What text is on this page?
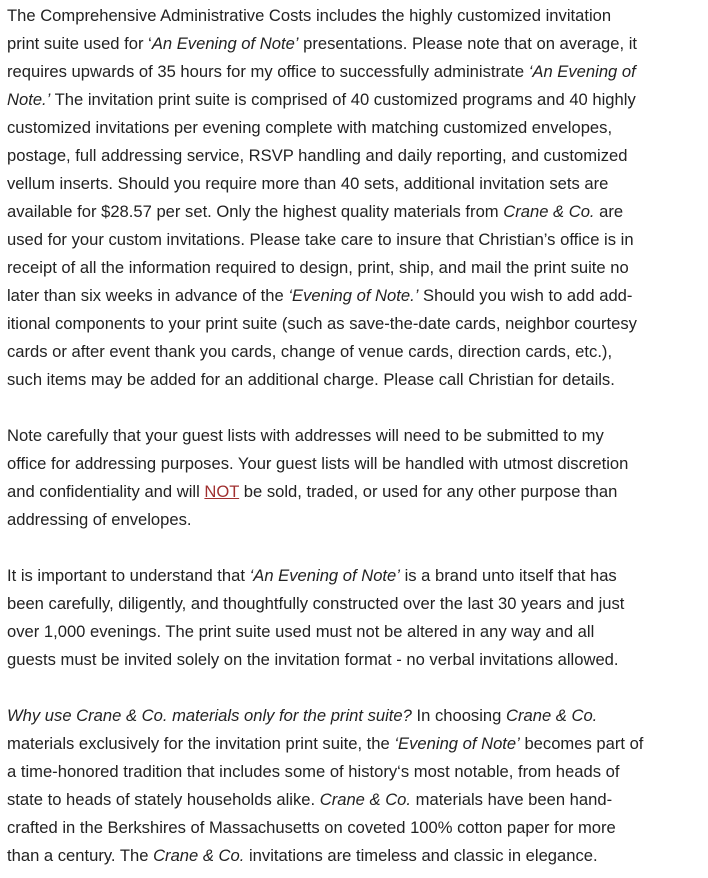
The Comprehensive Administrative Costs includes the highly customized invitation
print suite used for ‘An Evening of Note’ presentations. Please note that on average, it
requires upwards of 35 hours for my office to successfully administrate ‘An Evening of
Note.’ The invitation print suite is comprised of 40 customized programs and 40 highly
customized invitations per evening complete with matching customized envelopes,
postage, full addressing service, RSVP handling and daily reporting, and customized
vellum inserts. Should you require more than 40 sets, additional invitation sets are
available for $28.57 per set. Only the highest quality materials from Crane & Co. are
used for your custom invitations. Please take care to insure that Christian’s office is in
receipt of all the information required to design, print, ship, and mail the print suite no
later than six weeks in advance of the ‘Evening of Note.’ Should you wish to add add-
itional components to your print suite (such as save-the-date cards, neighbor courtesy
cards or after event thank you cards, change of venue cards, direction cards, etc.),
such items may be added for an additional charge. Please call Christian for details.

Note carefully that your guest lists with addresses will need to be submitted to my
office for addressing purposes. Your guest lists will be handled with utmost discretion
and confidentiality and will NOT be sold, traded, or used for any other purpose than
addressing of envelopes.

It is important to understand that ‘An Evening of Note’ is a brand unto itself that has
been carefully, diligently, and thoughtfully constructed over the last 30 years and just
over 1,000 evenings. The print suite used must not be altered in any way and all
guests must be invited solely on the invitation format - no verbal invitations allowed.

Why use Crane & Co. materials only for the print suite? In choosing Crane & Co.
materials exclusively for the invitation print suite, the ‘Evening of Note’ becomes part of
a time-honored tradition that includes some of history‘s most notable, from heads of
state to heads of stately households alike. Crane & Co. materials have been hand-
crafted in the Berkshires of Massachusetts on coveted 100% cotton paper for more
than a century. The Crane & Co. invitations are timeless and classic in elegance.
